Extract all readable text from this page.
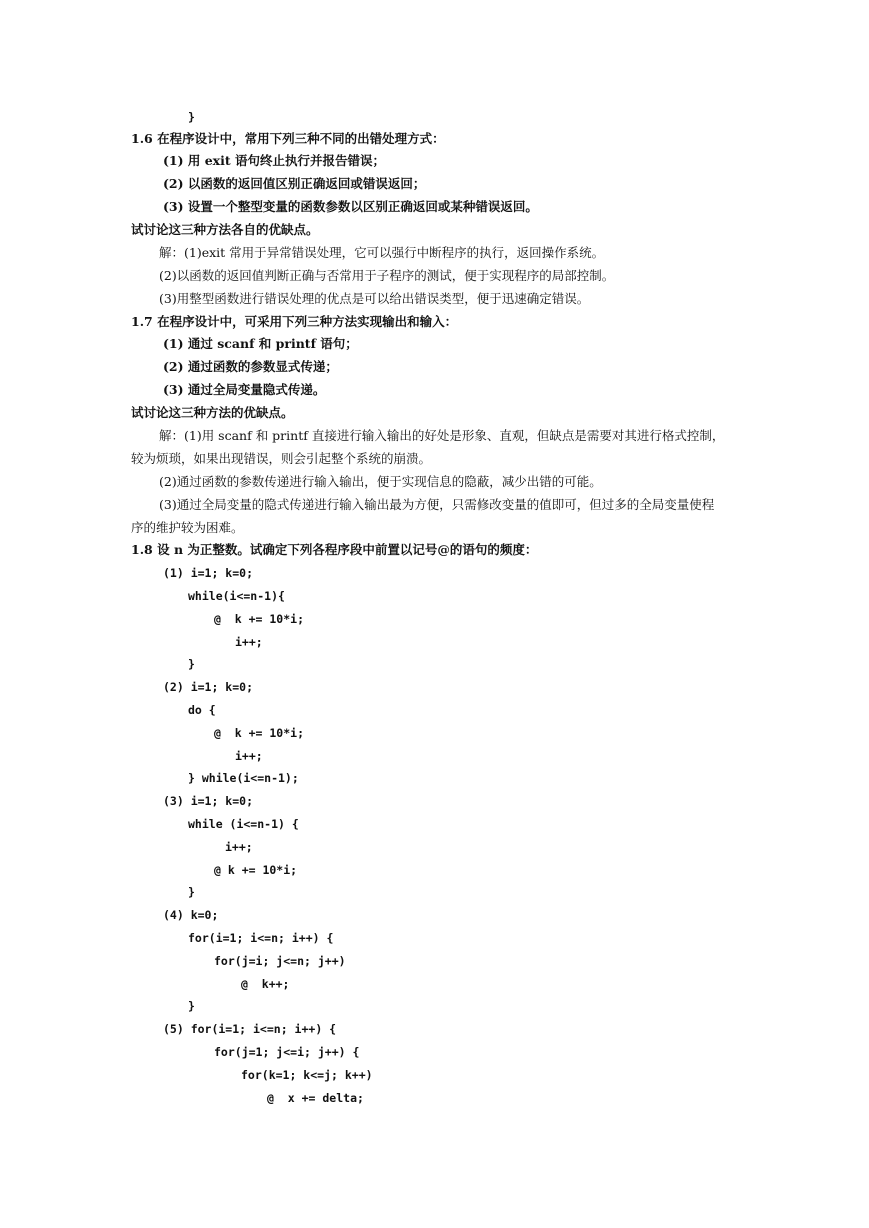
}
1.6 在程序设计中，常用下列三种不同的出错处理方式：
(1) 用 exit 语句终止执行并报告错误；
(2) 以函数的返回值区别正确返回或错误返回；
(3) 设置一个整型变量的函数参数以区别正确返回或某种错误返回。
试讨论这三种方法各自的优缺点。
解：(1)exit 常用于异常错误处理，它可以强行中断程序的执行，返回操作系统。
(2)以函数的返回值判断正确与否常用于子程序的测试，便于实现程序的局部控制。
(3)用整型函数进行错误处理的优点是可以给出错误类型，便于迅速确定错误。
1.7 在程序设计中，可采用下列三种方法实现输出和输入：
(1) 通过 scanf 和 printf 语句；
(2) 通过函数的参数显式传递；
(3) 通过全局变量隐式传递。
试讨论这三种方法的优缺点。
解：(1)用 scanf 和 printf 直接进行输入输出的好处是形象、直观，但缺点是需要对其进行格式控制，
较为烦琐，如果出现错误，则会引起整个系统的崩溃。
(2)通过函数的参数传递进行输入输出，便于实现信息的隐蔽，减少出错的可能。
(3)通过全局变量的隐式传递进行输入输出最为方便，只需修改变量的值即可，但过多的全局变量使程
序的维护较为困难。
1.8 设 n 为正整数。试确定下列各程序段中前置以记号@的语句的频度：
(1) i=1; k=0;
while(i<=n-1){
@  k += 10*i;
i++;
}
(2) i=1; k=0;
do {
@  k += 10*i;
i++;
} while(i<=n-1);
(3) i=1; k=0;
while (i<=n-1) {
i++;
@ k += 10*i;
}
(4) k=0;
for(i=1; i<=n; i++) {
for(j=i; j<=n; j++)
@  k++;
}
(5) for(i=1; i<=n; i++) {
for(j=1; j<=i; j++) {
for(k=1; k<=j; k++)
@  x += delta;
